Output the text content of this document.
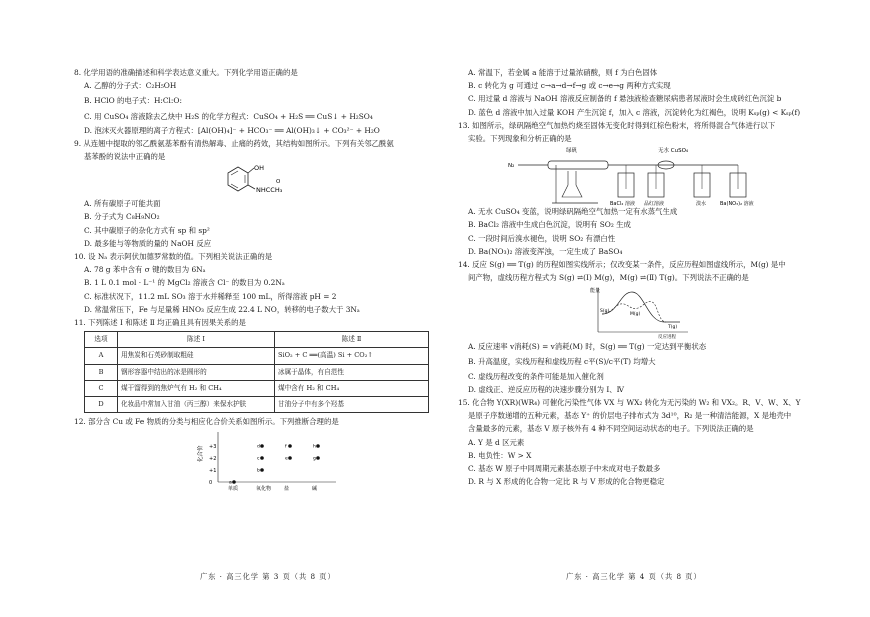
8. 化学用语的准确描述和科学表达意义重大。下列化学用语正确的是
A. 乙醇的分子式：C₂H₅OH
B. HClO 的电子式：H:Cl:O:
C. 用 CuSO₄ 溶液除去乙炔中 H₂S 的化学方程式：CuSO₄ + H₂S ══ CuS↓ + H₂SO₄
D. 泡沫灭火器原理的离子方程式：[Al(OH)₄]⁻ + HCO₃⁻ ══ Al(OH)₃↓ + CO₃²⁻ + H₂O
9. 从连翘中提取的邻乙酰氨基苯酚有清热解毒、止痛的药效，其结构如图所示。下列有关邻乙酰氨
基苯酚的说法中正确的是
OH
NHCCH₃
O
A. 所有碳原子可能共面
B. 分子式为 C₈H₉NO₂
C. 其中碳原子的杂化方式有 sp 和 sp²
D. 最多能与等物质的量的 NaOH 反应
10. 设 Nₐ 表示阿伏加德罗常数的值。下列相关说法正确的是
A. 78 g 苯中含有 σ 键的数目为 6Nₐ
B. 1 L 0.1 mol · L⁻¹ 的 MgCl₂ 溶液含 Cl⁻ 的数目为 0.2Nₐ
C. 标准状况下，11.2 mL SO₃ 溶于水并稀释至 100 mL，所得溶液 pH = 2
D. 常温常压下，Fe 与足量稀 HNO₃ 反应生成 22.4 L NO，转移的电子数大于 3Nₐ
11. 下列陈述 Ⅰ 和陈述 Ⅱ 均正确且具有因果关系的是
选项	陈述 Ⅰ	陈述 Ⅱ
A	用焦炭和石英砂制取粗硅	SiO₂ + C ══(高温) Si + CO₂↑
B	钢形容器中结出的冰是圆形的	冰属于晶体，有自范性
C	煤干馏得到的焦炉气有 H₂ 和 CH₄	煤中含有 H₂ 和 CH₄
D	化妆品中常加入甘油（丙三醇）来保水护肤	甘油分子中有多个羟基
12. 部分含 Cu 或 Fe 物质的分类与相应化合价关系如图所示。下列推断合理的是
化合价 +3
+2
+1
0
单质	氧化物	盐	碱
a
b
c
d
e
f
g
h
广东 · 高三化学 第 3 页（共 8 页）
A. 常温下，若金属 a 能溶于过量浓硝酸，则 f 为白色固体
B. c 转化为 g 可通过 c→a→d→f→g 或 c→e→g 两种方式实现
C. 用过量 d 溶液与 NaOH 溶液反应制备的 f 悬浊液检查糖尿病患者尿液时会生成砖红色沉淀 b
D. 蓝色 d 溶液中加入过量 KOH 产生沉淀 f，加入 c 溶液，沉淀转化为红褐色，说明 Kₛₚ(g) < Kₛₚ(f)
13. 如图所示，绿矾隔绝空气加热灼烧至固体无变化时得到红棕色粉末，将所得混合气体进行以下
实验。下列现象和分析正确的是
绿矾	无水 CuSO₄
N₂
BaCl₂ 溶液 品红溶液	溴水	Ba(NO₃)₂ 溶液
A. 无水 CuSO₄ 变蓝，说明绿矾隔绝空气加热一定有水蒸气生成
B. BaCl₂ 溶液中生成白色沉淀，说明有 SO₂ 生成
C. 一段时间后溴水褪色，说明 SO₂ 有漂白性
D. Ba(NO₃)₂ 溶液变浑浊，一定生成了 BaSO₄
14. 反应 S(g) ══ T(g) 的历程如图实线所示；仅改变某一条件，反应历程如图虚线所示，M(g) 是中
间产物，虚线历程方程式为 S(g) ⇌(Ⅰ) M(g)，M(g) ⇌(Ⅱ) T(g)。下列说法不正确的是
能量
S(g)
M(g)
T(g)
反应进程
A. 反应速率 v消耗(S) = v消耗(M) 时，S(g) ══ T(g) 一定达到平衡状态
B. 升高温度，实线历程和虚线历程 c平(S)/c平(T) 均增大
C. 虚线历程改变的条件可能是加入催化剂
D. 虚线正、逆反应历程的决速步骤分别为 Ⅰ、Ⅳ
15. 化合物 Y(XR)(WR₄) 可催化污染性气体 VX 与 WX₂ 转化为无污染的 W₂ 和 VX₂。R、V、W、X、Y
是原子序数递增的五种元素，基态 Y⁺ 的价层电子排布式为 3d¹⁰，R₂ 是一种清洁能源，X 是地壳中
含量最多的元素，基态 V 原子核外有 4 种不同空间运动状态的电子。下列说法正确的是
A. Y 是 d 区元素
B. 电负性：W > X
C. 基态 W 原子中同周期元素基态原子中未成对电子数最多
D. R 与 X 形成的化合物一定比 R 与 V 形成的化合物更稳定
广东 · 高三化学 第 4 页（共 8 页）
